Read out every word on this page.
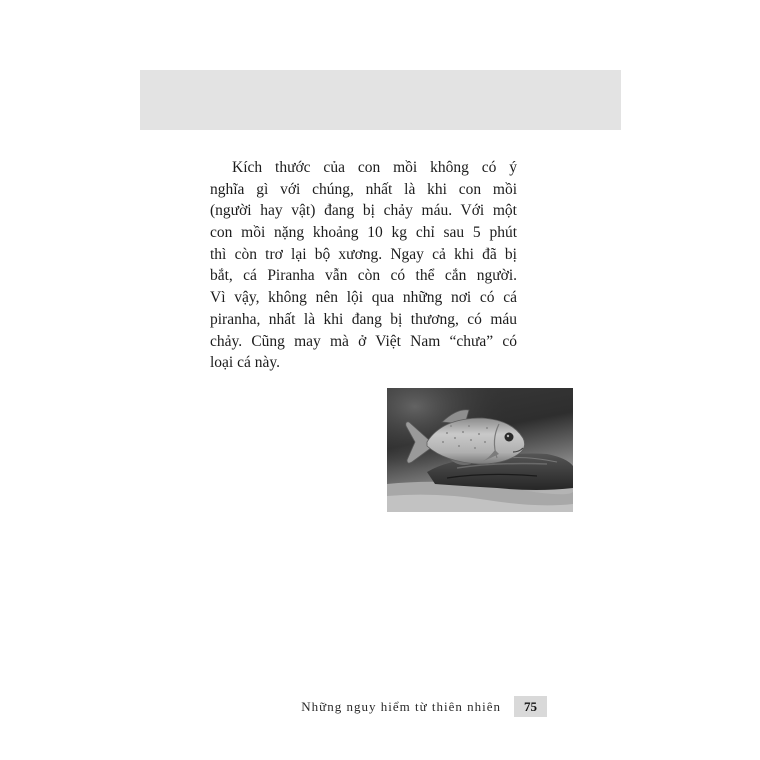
Kích thước của con mồi không có ý
nghĩa gì với chúng, nhất là khi con mồi
(người hay vật) đang bị chảy máu. Với một
con mồi nặng khoảng 10 kg chỉ sau 5 phút
thì còn trơ lại bộ xương. Ngay cả khi đã bị
bắt, cá Piranha vẫn còn có thể cắn người.
Vì vậy, không nên lội qua những nơi có cá
piranha, nhất là khi đang bị thương, có máu
chảy. Cũng may mà ở Việt Nam “chưa” có
loại cá này.
Những nguy hiểm từ thiên nhiên	75
